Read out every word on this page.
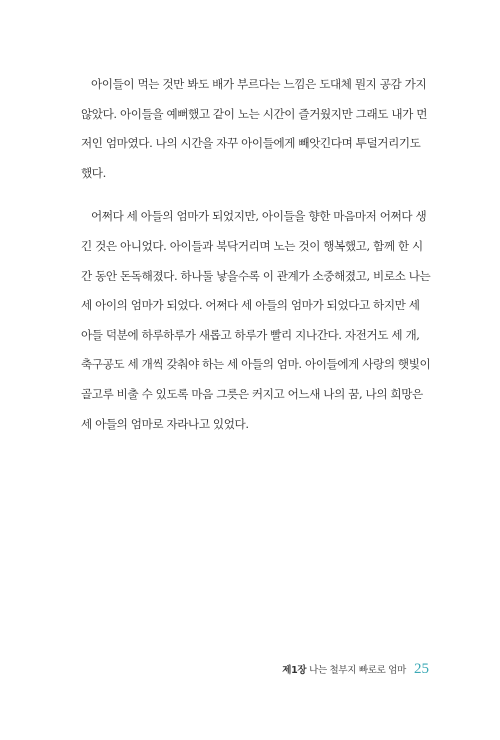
아이들이 먹는 것만 봐도 배가 부르다는 느낌은 도대체 뭔지 공감 가지
않았다. 아이들을 예뻐했고 같이 노는 시간이 즐거웠지만 그래도 내가 먼
저인 엄마였다. 나의 시간을 자꾸 아이들에게 빼앗긴다며 투덜거리기도
했다.

어쩌다 세 아들의 엄마가 되었지만, 아이들을 향한 마음마저 어쩌다 생
긴 것은 아니었다. 아이들과 북닥거리며 노는 것이 행복했고, 함께 한 시
간 동안 돈독해졌다. 하나둘 낳을수록 이 관계가 소중해졌고, 비로소 나는
세 아이의 엄마가 되었다. 어쩌다 세 아들의 엄마가 되었다고 하지만 세
아들 덕분에 하루하루가 새롭고 하루가 빨리 지나간다. 자전거도 세 개,
축구공도 세 개씩 갖춰야 하는 세 아들의 엄마. 아이들에게 사랑의 햇빛이
골고루 비출 수 있도록 마음 그릇은 커지고 어느새 나의 꿈, 나의 희망은
세 아들의 엄마로 자라나고 있었다.

제1장 나는 철부지 빠로로 엄마 25
